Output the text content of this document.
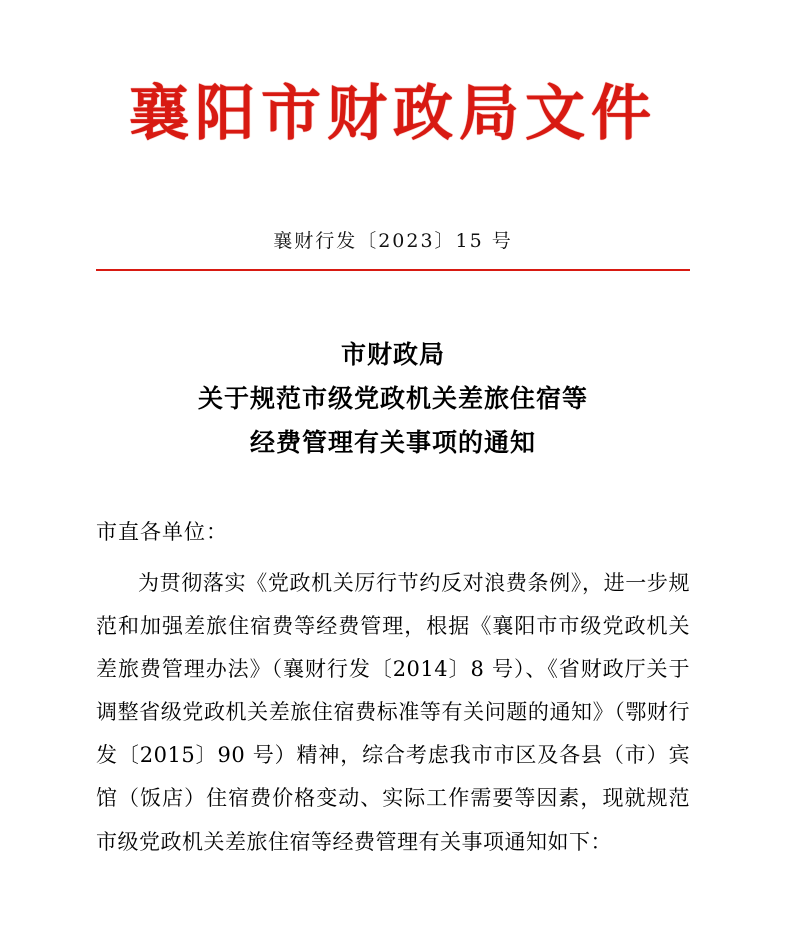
襄阳市财政局文件
襄财行发〔2023〕15 号
市财政局
关于规范市级党政机关差旅住宿等
经费管理有关事项的通知
市直各单位：

为贯彻落实《党政机关厉行节约反对浪费条例》，进一步规范和加强差旅住宿费等经费管理，根据《襄阳市市级党政机关差旅费管理办法》（襄财行发〔2014〕8 号）、《省财政厅关于调整省级党政机关差旅住宿费标准等有关问题的通知》（鄂财行发〔2015〕90 号）精神，综合考虑我市市区及各县（市）宾馆（饭店）住宿费价格变动、实际工作需要等因素，现就规范市级党政机关差旅住宿等经费管理有关事项通知如下：
